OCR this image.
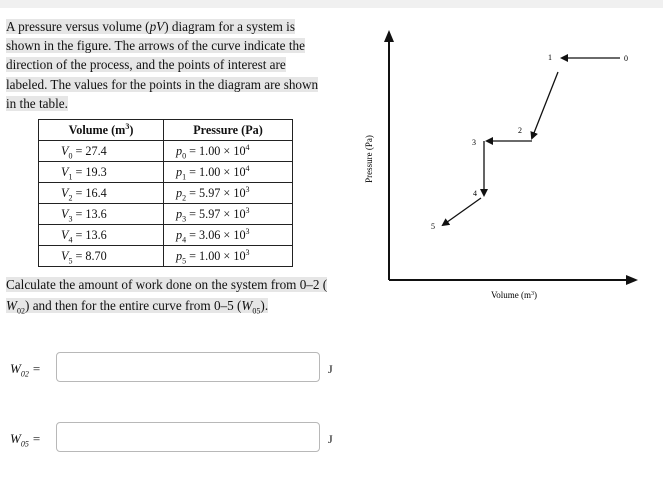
A pressure versus volume (pV) diagram for a system is
shown in the figure. The arrows of the curve indicate the
direction of the process, and the points of interest are
labeled. The values for the points in the diagram are shown
in the table.
Volume $(m^3)$	Pressure (Pa)
$V_0 = 27.4$	$p_0 = 1.00 \times 10^4$
$V_1 = 19.3$	$p_1 = 1.00 \times 10^4$
$V_2 = 16.4$	$p_2 = 5.97 \times 10^3$
$V_3 = 13.6$	$p_3 = 5.97 \times 10^3$
$V_4 = 13.6$	$p_4 = 3.06 \times 10^3$
$V_5 = 8.70$	$p_5 = 1.00 \times 10^3$
Calculate the amount of work done on the system from 0–2 (
$W_{02}$) and then for the entire curve from 0–5 $(W_{05})$.
$W_{02}$ =	J
$W_{05}$ =	J
Pressure (Pa)
Volume $(m^3)$
0
1
2
3
4
5
